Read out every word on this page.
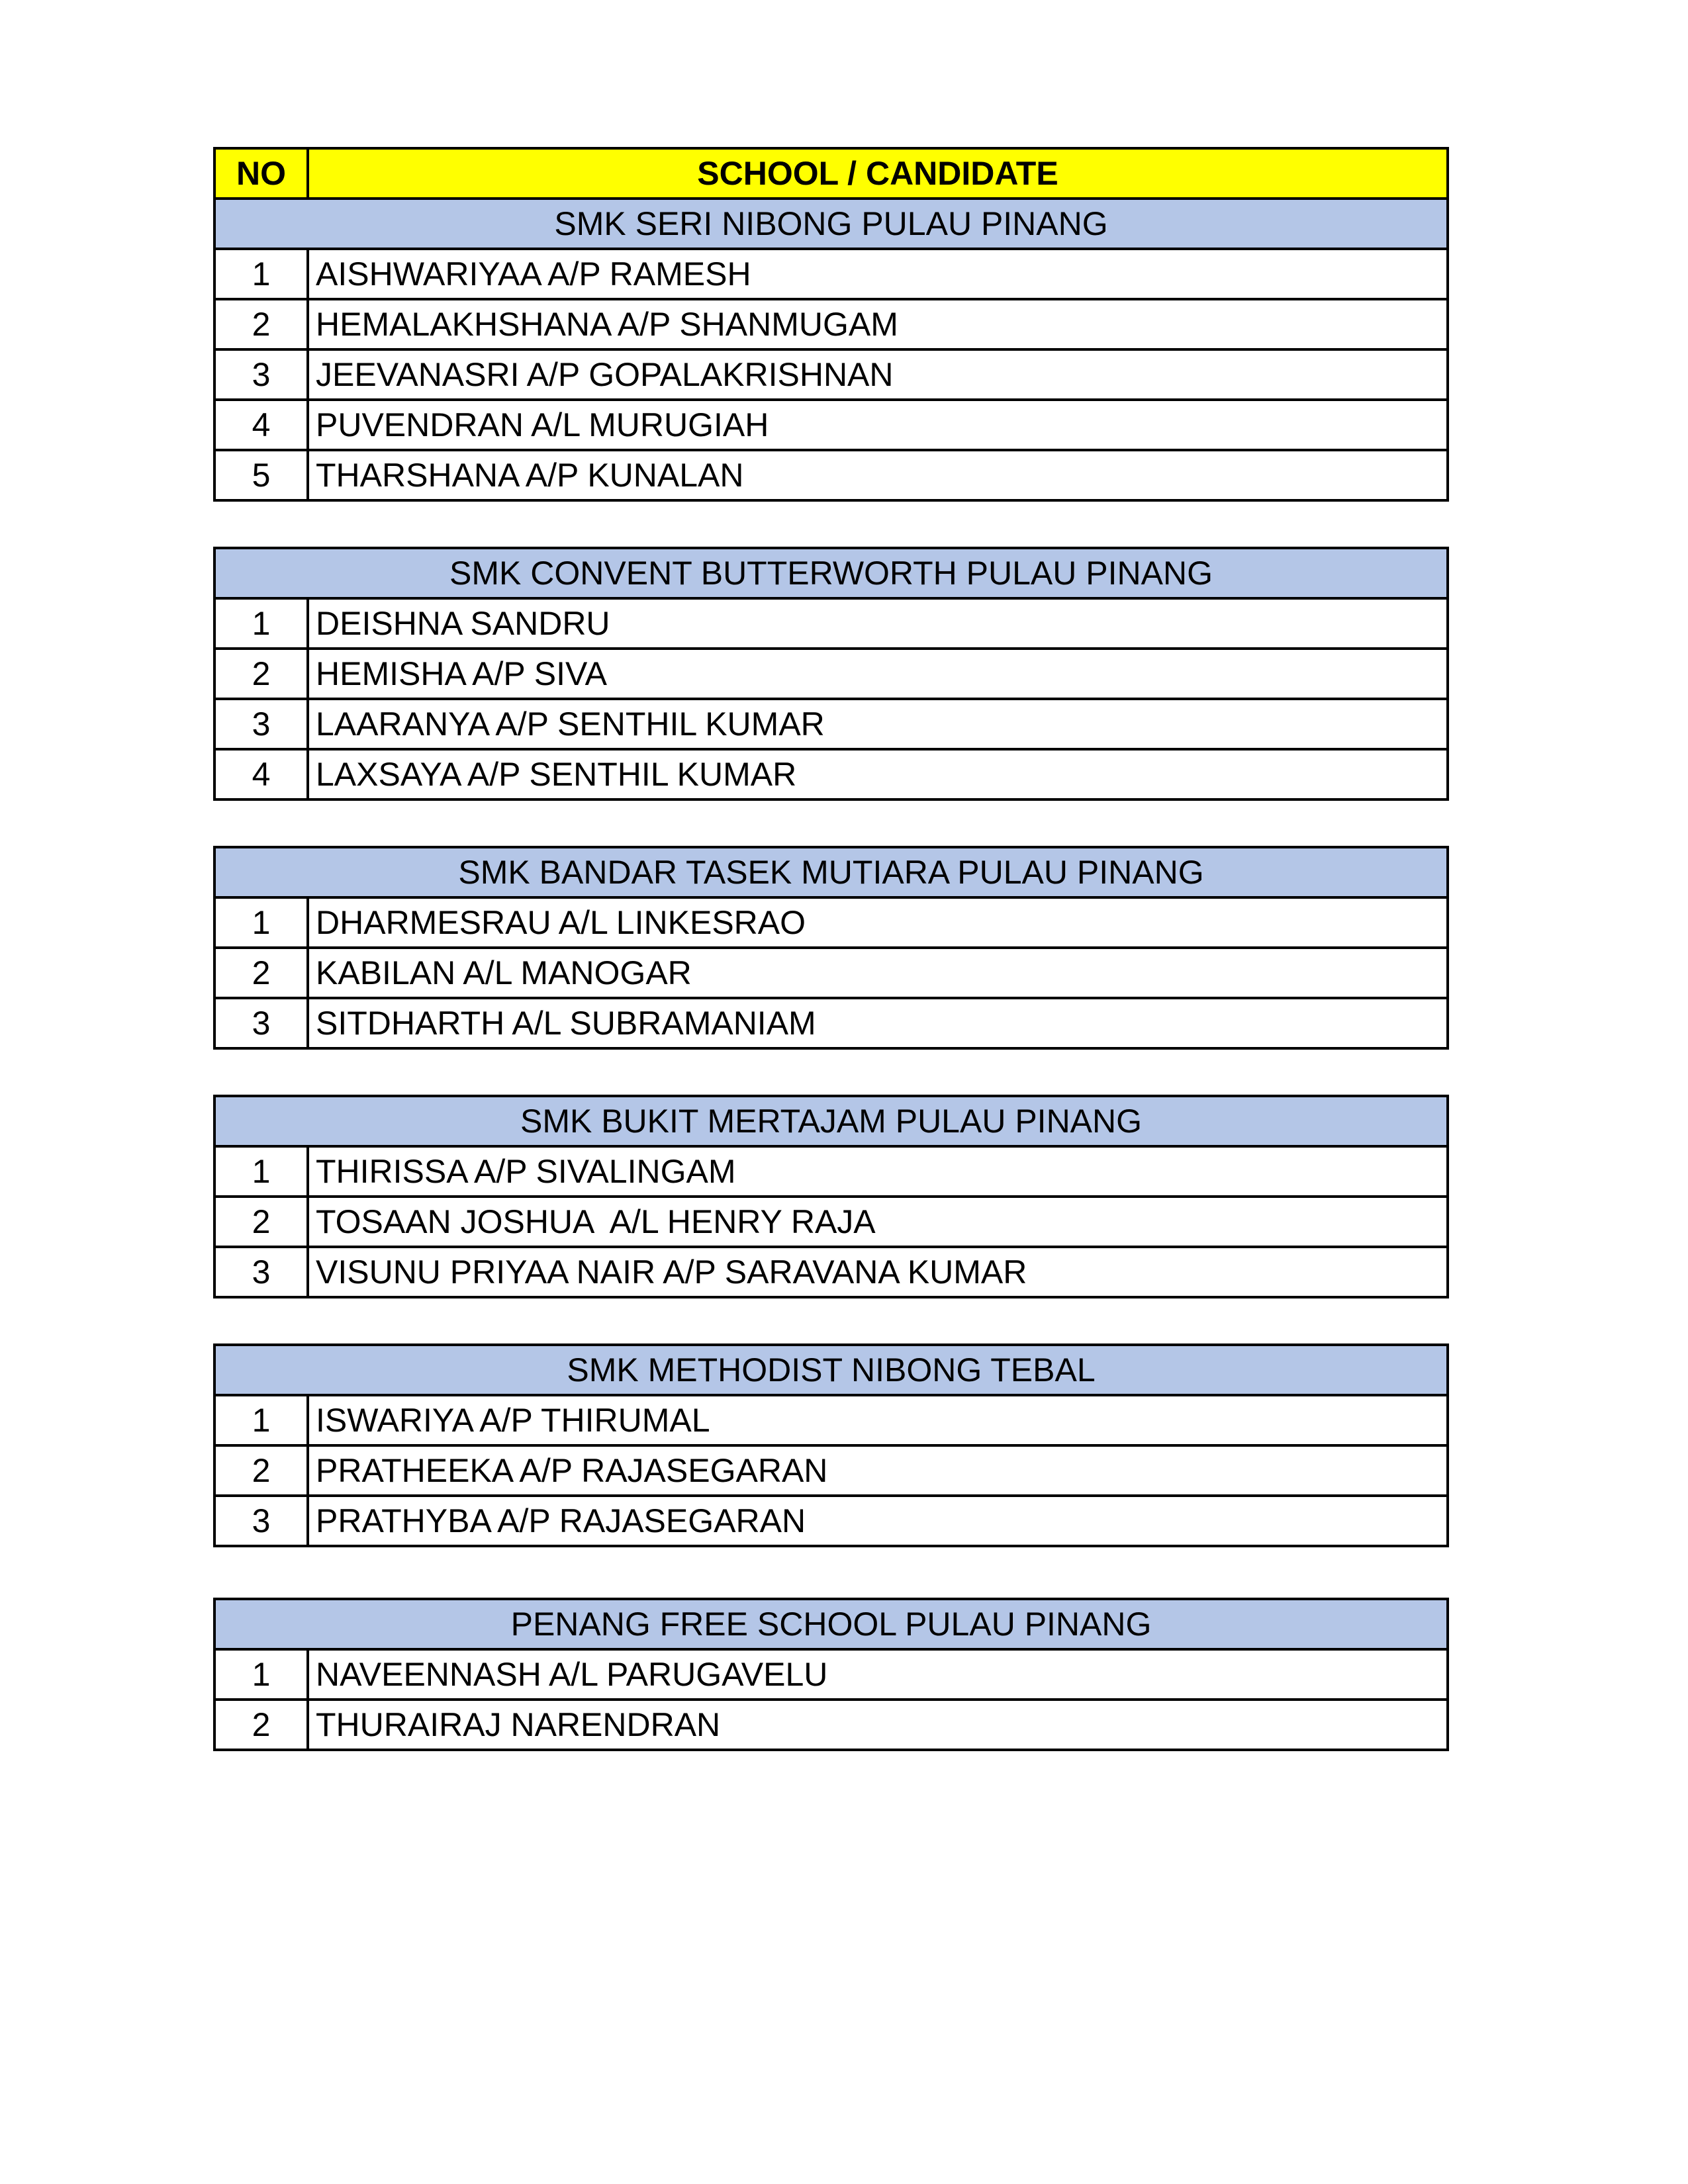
NO	SCHOOL / CANDIDATE
SMK SERI NIBONG PULAU PINANG	
1	AISHWARIYAA A/P RAMESH
2	HEMALAKHSHANA A/P SHANMUGAM
3	JEEVANASRI A/P GOPALAKRISHNAN
4	PUVENDRAN A/L MURUGIAH
5	THARSHANA A/P KUNALAN
SMK CONVENT BUTTERWORTH PULAU PINANG	
1	DEISHNA SANDRU
2	HEMISHA A/P SIVA
3	LAARANYA A/P SENTHIL KUMAR
4	LAXSAYA A/P SENTHIL KUMAR
SMK BANDAR TASEK MUTIARA PULAU PINANG	
1	DHARMESRAU A/L LINKESRAO
2	KABILAN A/L MANOGAR
3	SITDHARTH A/L SUBRAMANIAM
SMK BUKIT MERTAJAM PULAU PINANG	
1	THIRISSA A/P SIVALINGAM
2	TOSAAN JOSHUA  A/L HENRY RAJA
3	VISUNU PRIYAA NAIR A/P SARAVANA KUMAR
SMK METHODIST NIBONG TEBAL	
1	ISWARIYA A/P THIRUMAL
2	PRATHEEKA A/P RAJASEGARAN
3	PRATHYBA A/P RAJASEGARAN
PENANG FREE SCHOOL PULAU PINANG	
1	NAVEENNASH A/L PARUGAVELU
2	THURAIRAJ NARENDRAN
